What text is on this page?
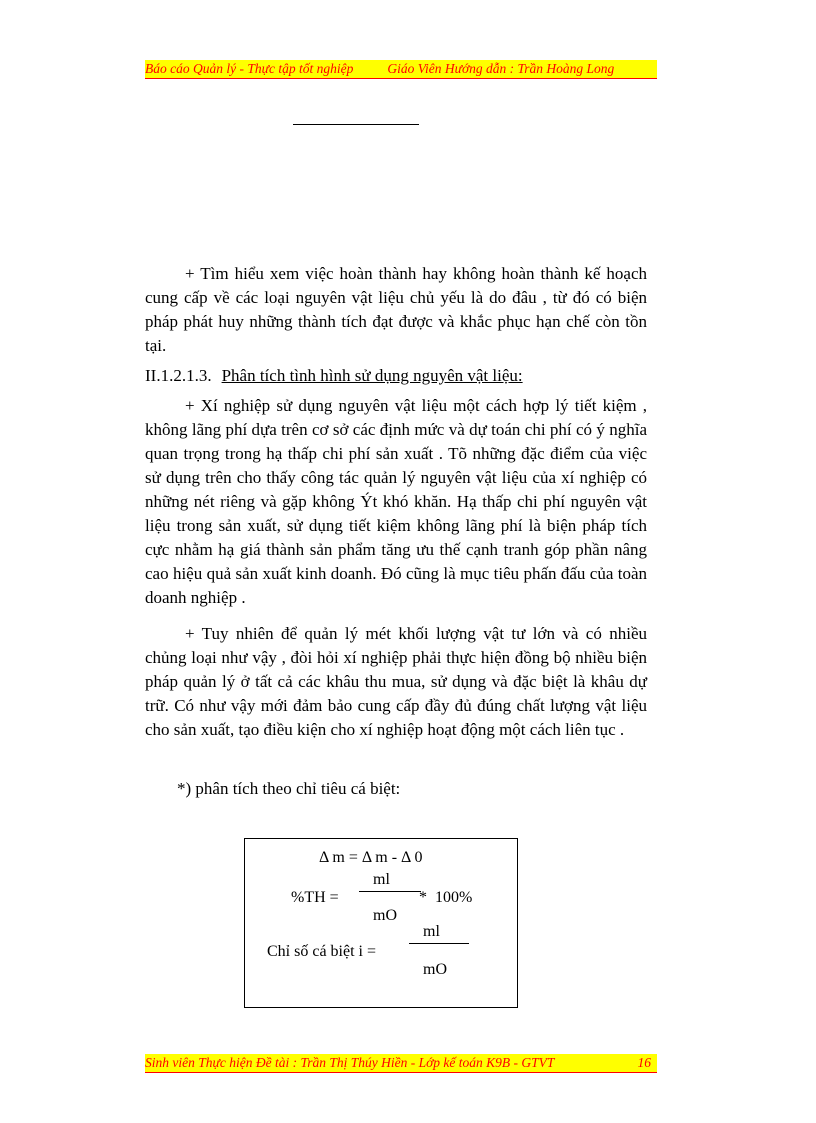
Báo cáo Quản lý - Thực tập tốt nghiệp	Giáo Viên Hướng dẫn : Trần Hoàng Long

+ Tìm hiểu xem việc hoàn thành hay không hoàn thành kế hoạch cung cấp về các loại nguyên vật liệu chủ yếu là do đâu , từ đó có biện pháp phát huy những thành tích đạt được và khắc phục hạn chế còn tồn tại.

II.1.2.1.3. Phân tích tình hình sử dụng nguyên vật liệu:

+ Xí nghiệp sử dụng nguyên vật liệu một cách hợp lý tiết kiệm , không lãng phí dựa trên cơ sở các định mức và dự toán chi phí có ý nghĩa quan trọng trong hạ thấp chi phí sản xuất . Tõ những đặc điểm của việc sử dụng trên cho thấy công tác quản lý nguyên vật liệu của xí nghiệp có những nét riêng và gặp không Ýt khó khăn. Hạ thấp chi phí nguyên vật liệu trong sản xuất, sử dụng tiết kiệm không lãng phí là biện pháp tích cực nhằm hạ giá thành sản phẩm tăng ưu thế cạnh tranh góp phần nâng cao hiệu quả sản xuất kinh doanh. Đó cũng là mục tiêu phấn đấu của toàn doanh nghiệp .

+ Tuy nhiên để quản lý mét khối lượng vật tư lớn và có nhiều chủng loại như vậy , đòi hỏi xí nghiệp phải thực hiện đồng bộ nhiều biện pháp quản lý ở tất cả các khâu thu mua, sử dụng và đặc biệt là khâu dự trữ. Có như vậy mới đảm bảo cung cấp đầy đủ đúng chất lượng vật liệu cho sản xuất, tạo điều kiện cho xí nghiệp hoạt động một cách liên tục .

*) phân tích theo chỉ tiêu cá biệt:
Δ m = Δ m - Δ 0
ml
%TH =	* 100%
mO
ml
Chỉ số cá biệt i =
mO
Sinh viên Thực hiện Đề tài : Trần Thị Thúy Hiền - Lớp kế toán K9B - GTVT	16
